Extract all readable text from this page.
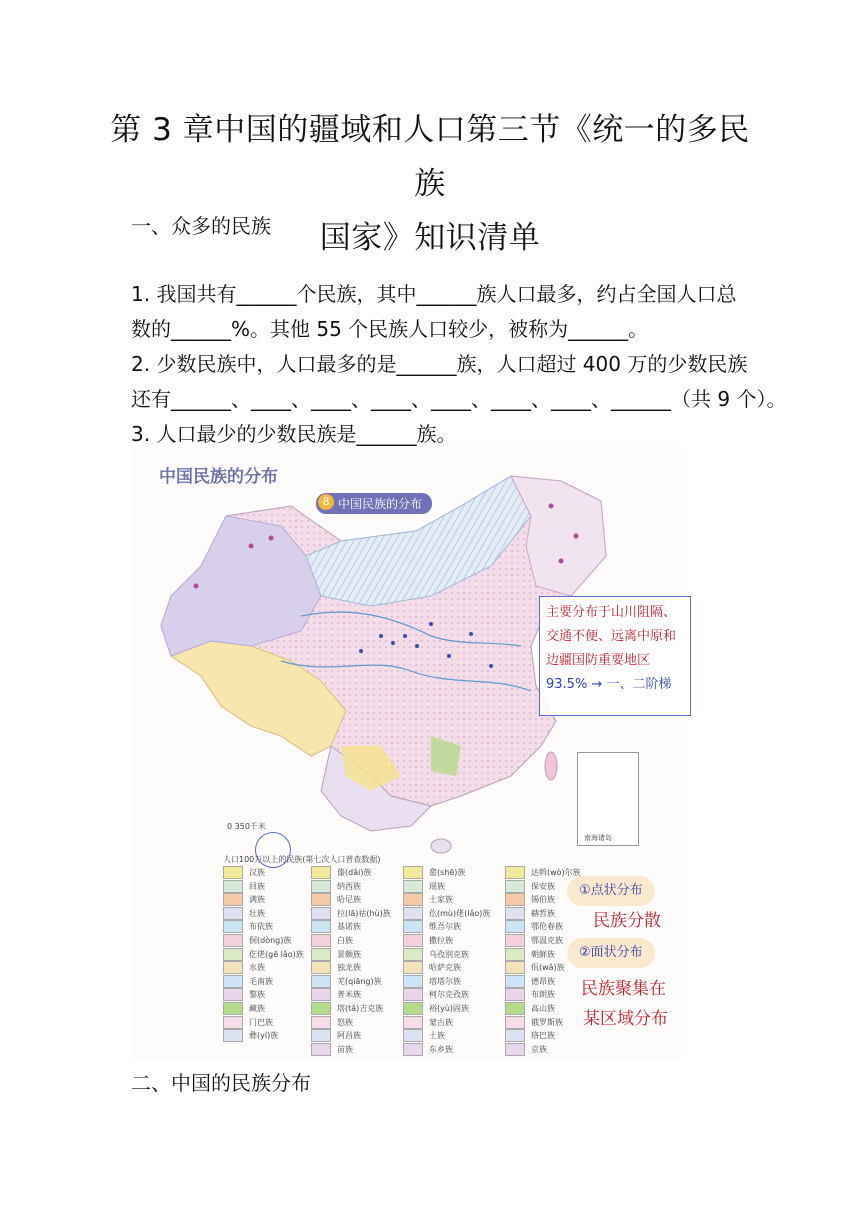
第 3 章中国的疆域和人口第三节《统一的多民族
国家》知识清单
一、众多的民族
1. 我国共有______个民族，其中______族人口最多，约占全国人口总
数的______%。其他 55 个民族人口较少，被称为______。
2. 少数民族中，人口最多的是______族，人口超过 400 万的少数民族
还有______、____、____、____、____、____、____、______（共 9 个）。
3. 人口最少的少数民族是______族。
中国民族的分布
8 中国民族的分布
主要分布于山川阻隔、
交通不便、远离中原和
边疆国防重要地区
93.5% → 一、二阶梯
南海诸岛
0 350千米
人口100万以上的民族(第七次人口普查数据)
汉族
回族
满族
壮族
布依族
侗(dòng)族
仡佬(gē lǎo)族
水族
毛南族
黎族
藏族
门巴族
彝(yí)族
傣(dǎi)族
纳西族
哈尼族
拉(lā)祜(hù)族
基诺族
白族
景颇族
独龙族
羌(qiāng)族
普米族
塔(tǎ)吉克族
怒族
阿昌族
苗族
畲(shē)族
瑶族
土家族
仫(mù)佬(lǎo)族
维吾尔族
撒拉族
乌孜别克族
哈萨克族
塔塔尔族
柯尔克孜族
裕(yù)固族
蒙古族
土族
东乡族
达斡(wò)尔族
保安族
锡伯族
赫哲族
鄂伦春族
鄂温克族
朝鲜族
佤(wǎ)族
德昂族
布朗族
高山族
俄罗斯族
珞巴族
京族
①点状分布
民族分散
②面状分布
民族聚集在
某区域分布
二、中国的民族分布
